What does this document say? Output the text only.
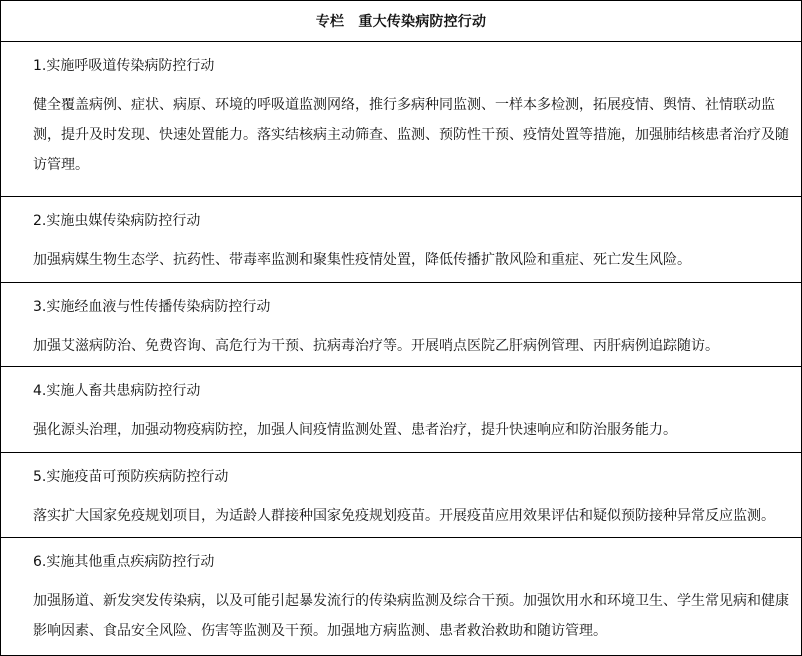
专栏　重大传染病防控行动
1.实施呼吸道传染病防控行动
健全覆盖病例、症状、病原、环境的呼吸道监测网络，推行多病种同监测、一样本多检测，拓展疫情、舆情、社情联动监测，提升及时发现、快速处置能力。落实结核病主动筛查、监测、预防性干预、疫情处置等措施，加强肺结核患者治疗及随访管理。
2.实施虫媒传染病防控行动
加强病媒生物生态学、抗药性、带毒率监测和聚集性疫情处置，降低传播扩散风险和重症、死亡发生风险。
3.实施经血液与性传播传染病防控行动
加强艾滋病防治、免费咨询、高危行为干预、抗病毒治疗等。开展哨点医院乙肝病例管理、丙肝病例追踪随访。
4.实施人畜共患病防控行动
强化源头治理，加强动物疫病防控，加强人间疫情监测处置、患者治疗，提升快速响应和防治服务能力。
5.实施疫苗可预防疾病防控行动
落实扩大国家免疫规划项目，为适龄人群接种国家免疫规划疫苗。开展疫苗应用效果评估和疑似预防接种异常反应监测。
6.实施其他重点疾病防控行动
加强肠道、新发突发传染病，以及可能引起暴发流行的传染病监测及综合干预。加强饮用水和环境卫生、学生常见病和健康影响因素、食品安全风险、伤害等监测及干预。加强地方病监测、患者救治救助和随访管理。
